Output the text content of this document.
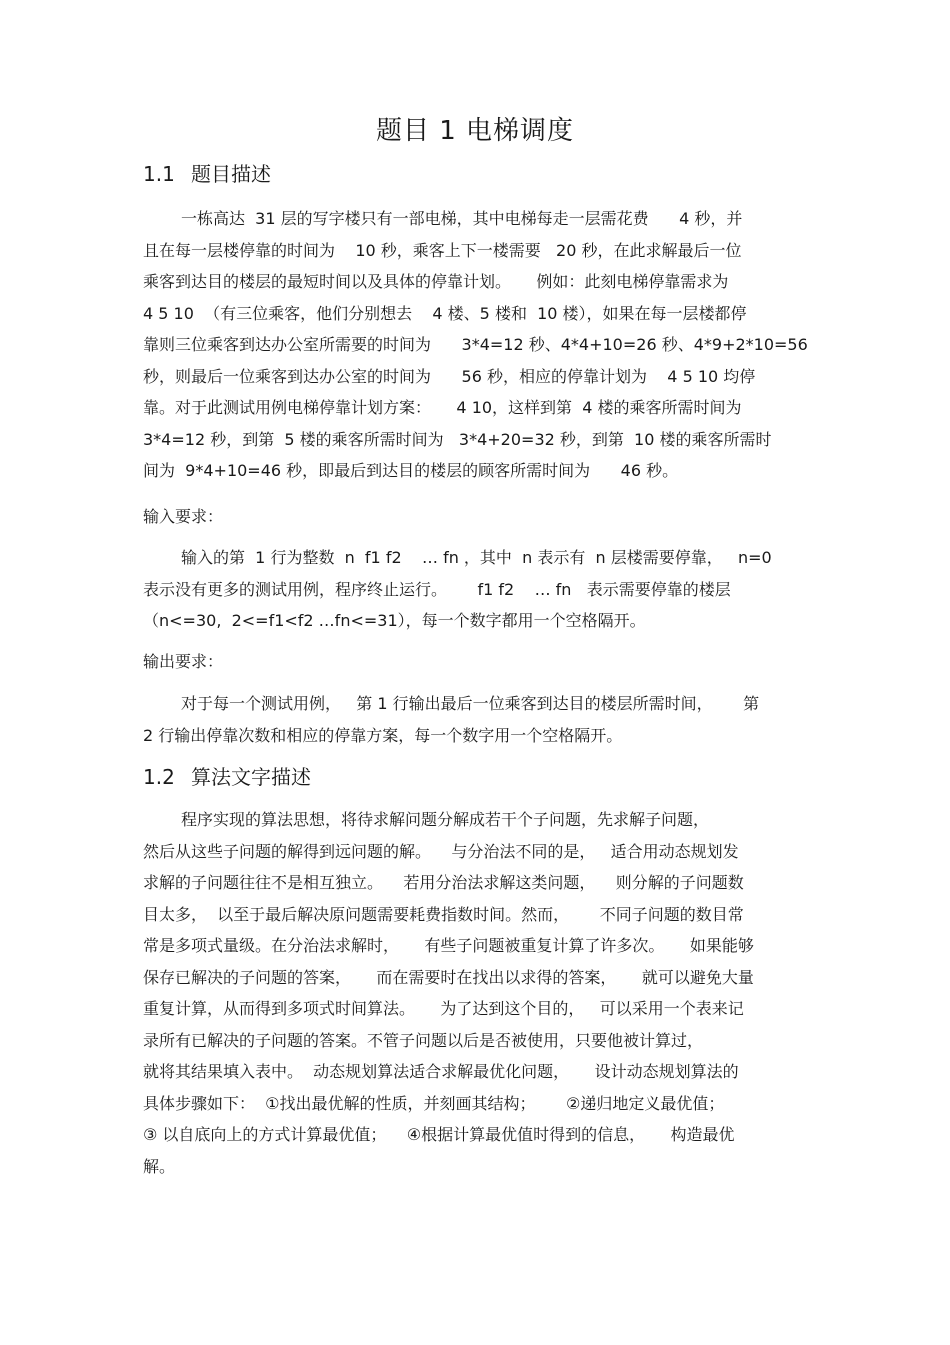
题目 1 电梯调度
1.1 题目描述
一栋高达  31 层的写字楼只有一部电梯，其中电梯每走一层需花费      4 秒，并
且在每一层楼停靠的时间为    10 秒，乘客上下一楼需要   20 秒，在此求解最后一位
乘客到达目的楼层的最短时间以及具体的停靠计划。     例如：此刻电梯停靠需求为
4 5 10  （有三位乘客，他们分别想去    4 楼、5 楼和  10 楼），如果在每一层楼都停
靠则三位乘客到达办公室所需要的时间为      3*4=12 秒、4*4+10=26 秒、4*9+2*10=56
秒，则最后一位乘客到达办公室的时间为      56 秒，相应的停靠计划为    4 5 10 均停
靠。对于此测试用例电梯停靠计划方案：     4 10，这样到第  4 楼的乘客所需时间为
3*4=12 秒，到第  5 楼的乘客所需时间为   3*4+20=32 秒，到第  10 楼的乘客所需时
间为  9*4+10=46 秒，即最后到达目的楼层的顾客所需时间为      46 秒。
输入要求：
输入的第  1 行为整数  n  f1 f2    … fn ，其中  n 表示有  n 层楼需要停靠，   n=0
表示没有更多的测试用例，程序终止运行。      f1 f2    … fn   表示需要停靠的楼层
（n<=30,  2<=f1<f2 …fn<=31），每一个数字都用一个空格隔开。
输出要求：
对于每一个测试用例，   第 1 行输出最后一位乘客到达目的楼层所需时间，      第
2 行输出停靠次数和相应的停靠方案，每一个数字用一个空格隔开。
1.2 算法文字描述
程序实现的算法思想，将待求解问题分解成若干个子问题，先求解子问题，
然后从这些子问题的解得到远问题的解。    与分治法不同的是，   适合用动态规划发
求解的子问题往往不是相互独立。    若用分治法求解这类问题，    则分解的子问题数
目太多，  以至于最后解决原问题需要耗费指数时间。然而，      不同子问题的数目常
常是多项式量级。在分治法求解时，     有些子问题被重复计算了许多次。     如果能够
保存已解决的子问题的答案，     而在需要时在找出以求得的答案，     就可以避免大量
重复计算，从而得到多项式时间算法。     为了达到这个目的，   可以采用一个表来记
录所有已解决的子问题的答案。不管子问题以后是否被使用，只要他被计算过，
就将其结果填入表中。  动态规划算法适合求解最优化问题，     设计动态规划算法的
具体步骤如下：  ①找出最优解的性质，并刻画其结构；      ②递归地定义最优值；
③ 以自底向上的方式计算最优值；    ④根据计算最优值时得到的信息，     构造最优
解。
